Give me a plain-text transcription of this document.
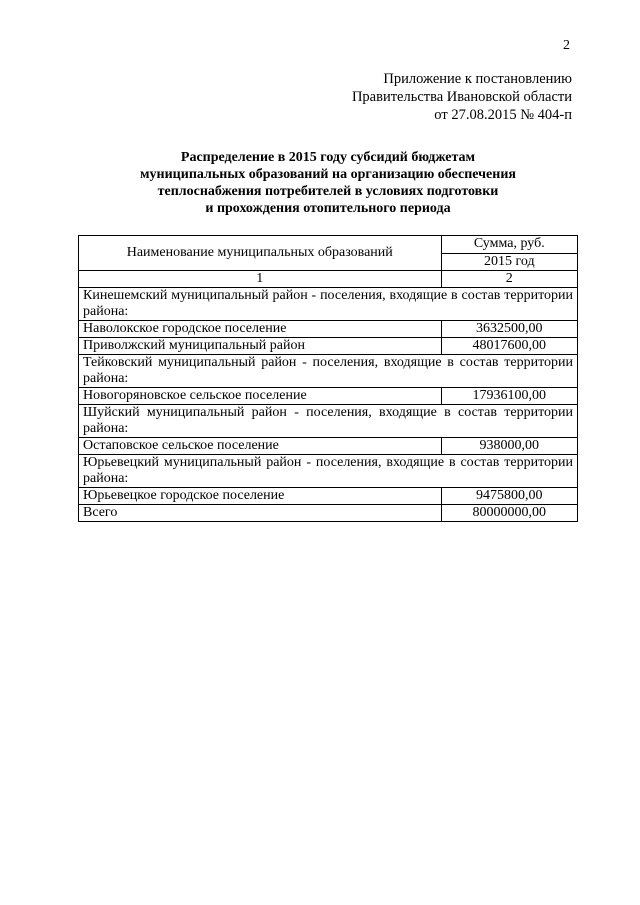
2
Приложение к постановлению
Правительства Ивановской области
от 27.08.2015 № 404-п
Распределение в 2015 году субсидий бюджетам
муниципальных образований на организацию обеспечения
теплоснабжения потребителей в условиях подготовки
и прохождения отопительного периода
Наименование муниципальных образований	Сумма, руб.
	2015 год
1	2
Кинешемский муниципальный район - поселения, входящие в состав территории района:	
Наволокское городское поселение	3632500,00
Приволжский муниципальный район	48017600,00
Тейковский муниципальный район - поселения, входящие в состав территории района:	
Новогоряновское сельское поселение	17936100,00
Шуйский муниципальный район - поселения, входящие в состав территории района:	
Остаповское сельское поселение	938000,00
Юрьевецкий муниципальный район - поселения, входящие в состав территории района:	
Юрьевецкое городское поселение	9475800,00
Всего	80000000,00
